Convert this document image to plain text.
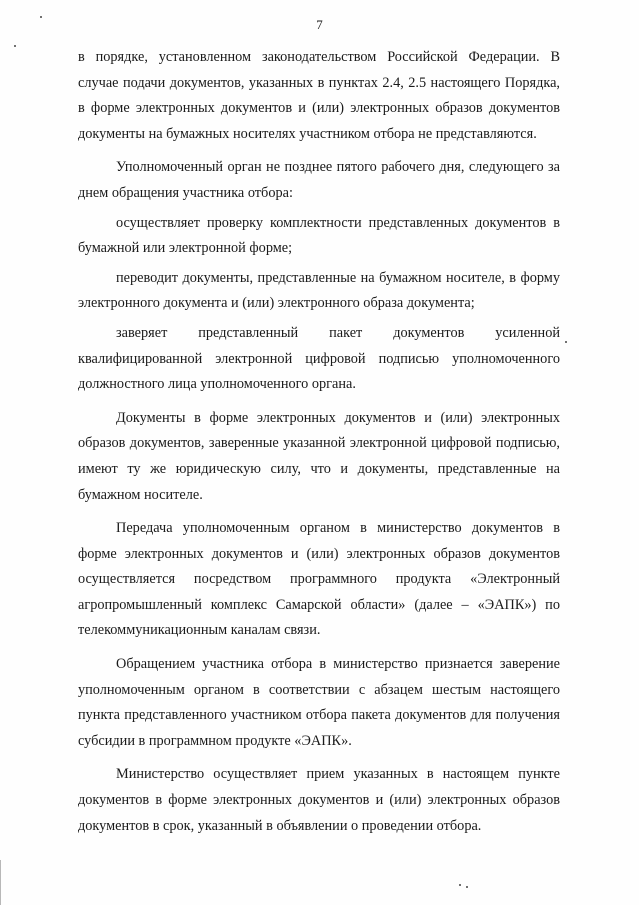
7

в порядке, установленном законодательством Российской Федерации. В случае подачи документов, указанных в пунктах 2.4, 2.5 настоящего Порядка, в форме электронных документов и (или) электронных образов документов документы на бумажных носителях участником отбора не представляются.

Уполномоченный орган не позднее пятого рабочего дня, следующего за днем обращения участника отбора:

осуществляет проверку комплектности представленных документов в бумажной или электронной форме;

переводит документы, представленные на бумажном носителе, в форму электронного документа и (или) электронного образа документа;

заверяет представленный пакет документов усиленной квалифицированной электронной цифровой подписью уполномоченного должностного лица уполномоченного органа.

Документы в форме электронных документов и (или) электронных образов документов, заверенные указанной электронной цифровой подписью, имеют ту же юридическую силу, что и документы, представленные на бумажном носителе.

Передача уполномоченным органом в министерство документов в форме электронных документов и (или) электронных образов документов осуществляется посредством программного продукта «Электронный агропромышленный комплекс Самарской области» (далее – «ЭАПК») по телекоммуникационным каналам связи.

Обращением участника отбора в министерство признается заверение уполномоченным органом в соответствии с абзацем шестым настоящего пункта представленного участником отбора пакета документов для получения субсидии в программном продукте «ЭАПК».

Министерство осуществляет прием указанных в настоящем пункте документов в форме электронных документов и (или) электронных образов документов в срок, указанный в объявлении о проведении отбора.
